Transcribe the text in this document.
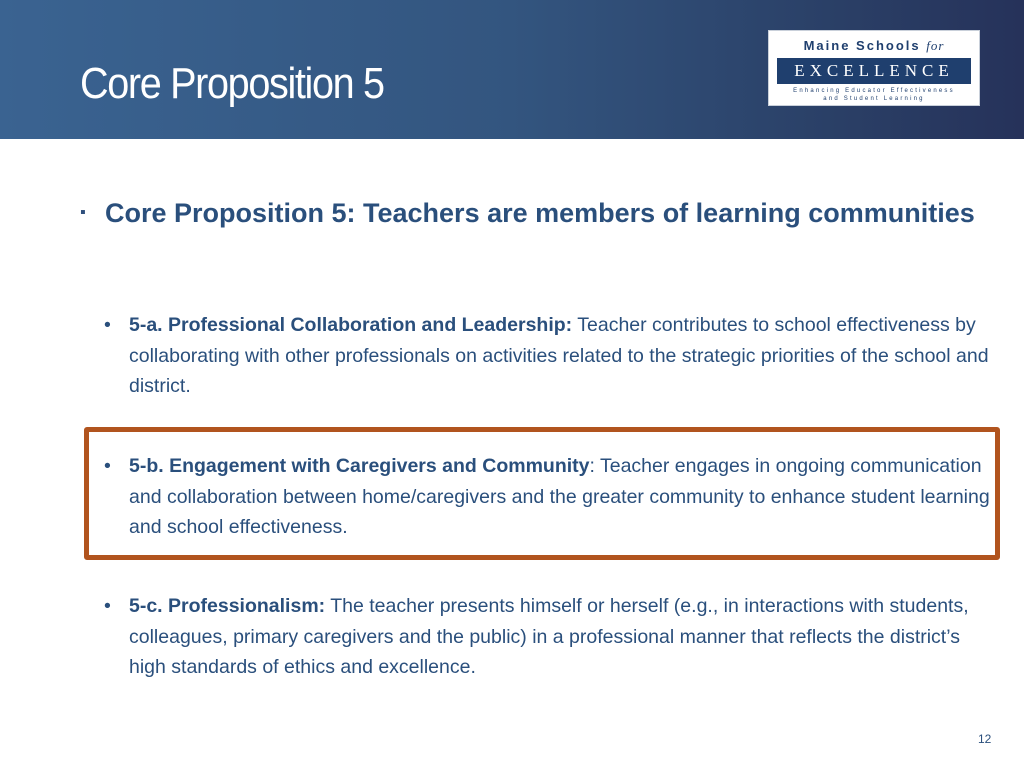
Core Proposition 5
Maine Schools for
EXCELLENCE
Enhancing Educator Effectiveness
and Student Learning
▪ Core Proposition 5: Teachers are members of learning communities

• 5-a. Professional Collaboration and Leadership: Teacher contributes to school effectiveness by collaborating with other professionals on activities related to the strategic priorities of the school and district.

• 5-b. Engagement with Caregivers and Community: Teacher engages in ongoing communication and collaboration between home/caregivers and the greater community to enhance student learning and school effectiveness.

• 5-c. Professionalism: The teacher presents himself or herself (e.g., in interactions with students, colleagues, primary caregivers and the public) in a professional manner that reflects the district’s high standards of ethics and excellence.

12
